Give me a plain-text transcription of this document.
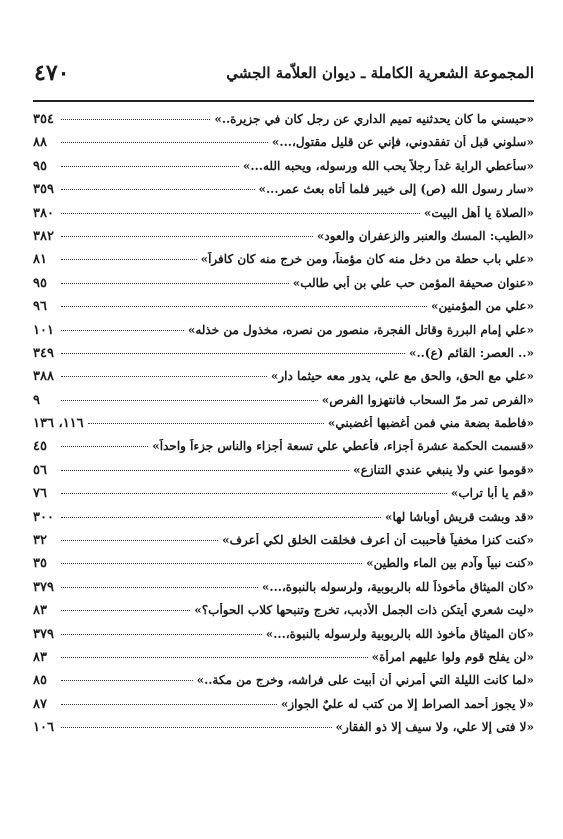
٤٧٠	المجموعة الشعرية الكاملة ـ ديوان العلاّمة الجشي
«حبسني ما كان يحدثنيه تميم الداري عن رجل كان في جزيرة..»
٣٥٤
«سلوني قبل أن تفقدوني، فإني عن قليل مقتول،...»
٨٨
«سأعطي الراية غداً رجلاً يحب الله ورسوله، ويحبه الله...»
٩٥
«سار رسول الله (ص) إلى خيبر فلما أتاه بعث عمر...»
٣٥٩
«الصلاة يا أهل البيت»
٣٨٠
«الطيب: المسك والعنبر والزعفران والعود»
٣٨٢
«علي باب حطة من دخل منه كان مؤمناً، ومن خرج منه كان كافراً»
٨١
«عنوان صحيفة المؤمن حب علي بن أبي طالب»
٩٥
«علي من المؤمنين»
٩٦
«علي إمام البررة وقاتل الفجرة، منصور من نصره، مخذول من خذله»
١٠١
«.. العصر: القائم (ع)..»
٣٤٩
«علي مع الحق، والحق مع علي، يدور معه حيثما دار»
٣٨٨
«الفرص تمر مرّ السحاب فانتهزوا الفرص»
٩
«فاطمة بضعة مني فمن أغضبها أغضبني»
١١٦، ١٣٦
«قسمت الحكمة عشرة أجزاء، فأعطي علي تسعة أجزاء والناس جزءاً واحداً»
٤٥
«قوموا عني ولا ينبغي عندي التنازع»
٥٦
«قم يا أبا تراب»
٧٦
«قد وبشت قريش أوباشا لها»
٣٠٠
«كنت كنزا مخفياً فأحببت أن أعرف فخلقت الخلق لكي أعرف»
٣٢
«كنت نبياً وآدم بين الماء والطين»
٣٥
«كان الميثاق مأخوذاً لله بالربوبية، ولرسوله بالنبوة،...»
٣٧٩
«ليت شعري أيتكن ذات الجمل الأدبب، تخرج وتنبحها كلاب الحوأب؟»
٨٣
«كان الميثاق مأخوذ الله بالربوبية ولرسوله بالنبوة،...»
٣٧٩
«لن يفلح قوم ولوا عليهم امرأة»
٨٣
«لما كانت الليلة التي أمرني أن أبيت على فراشه، وخرج من مكة..»
٨٥
«لا يجوز أحمد الصراط إلا من كتب له عليٌ الجواز»
٨٧
«لا فتى إلا علي، ولا سيف إلا ذو الفقار»
١٠٦
